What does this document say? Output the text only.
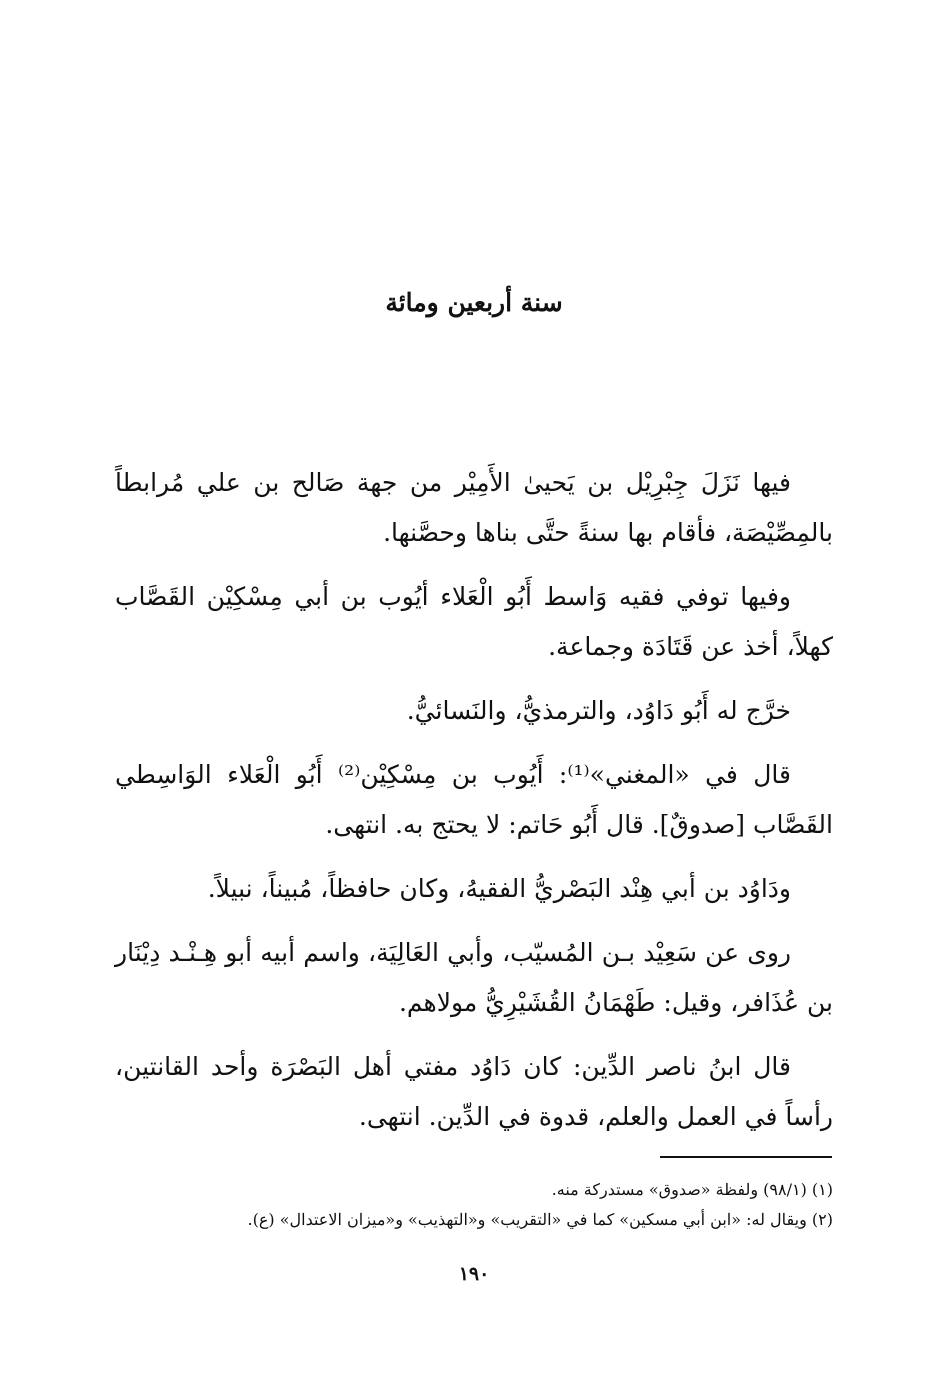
سنة أربعين ومائة

فيها نَزَلَ جِبْرِيْل بن يَحيىٰ الأَمِيْر من جهة صَالح بن علي مُرابطاً بالمِصِّيْصَة، فأقام بها سنةً حتَّى بناها وحصَّنها.

وفيها توفي فقيه وَاسط أَبُو الْعَلاء أيُوب بن أبي مِسْكِيْن القَصَّاب كهلاً، أخذ عن قَتَادَة وجماعة.

خرَّج له أَبُو دَاوُد، والترمذيُّ، والنَسائيُّ.

قال في «المغني»⁽¹⁾: أَيُوب بن مِسْكِيْن⁽²⁾ أَبُو الْعَلاء الوَاسِطي القَصَّاب [صدوقٌ]. قال أَبُو حَاتم: لا يحتج به. انتهى.

ودَاوُد بن أبي هِنْد البَصْريُّ الفقيهُ، وكان حافظاً، مُبيناً، نبيلاً.

روى عن سَعِيْد بـن المُسيّب، وأبي العَالِيَة، واسم أبيه أبو هِـنْـد دِيْنَار بن عُذَافر، وقيل: طَهْمَانُ القُشَيْرِيُّ مولاهم.

قال ابنُ ناصر الدِّين: كان دَاوُد مفتي أهل البَصْرَة وأحد القانتين، رأساً في العمل والعلم، قدوة في الدِّين. انتهى.

(١) (٩٨/١) ولفظة «صدوق» مستدركة منه.
(٢) ويقال له: «ابن أبي مسكين» كما في «التقريب» و«التهذيب» و«ميزان الاعتدال» (ع).
١٩٠
